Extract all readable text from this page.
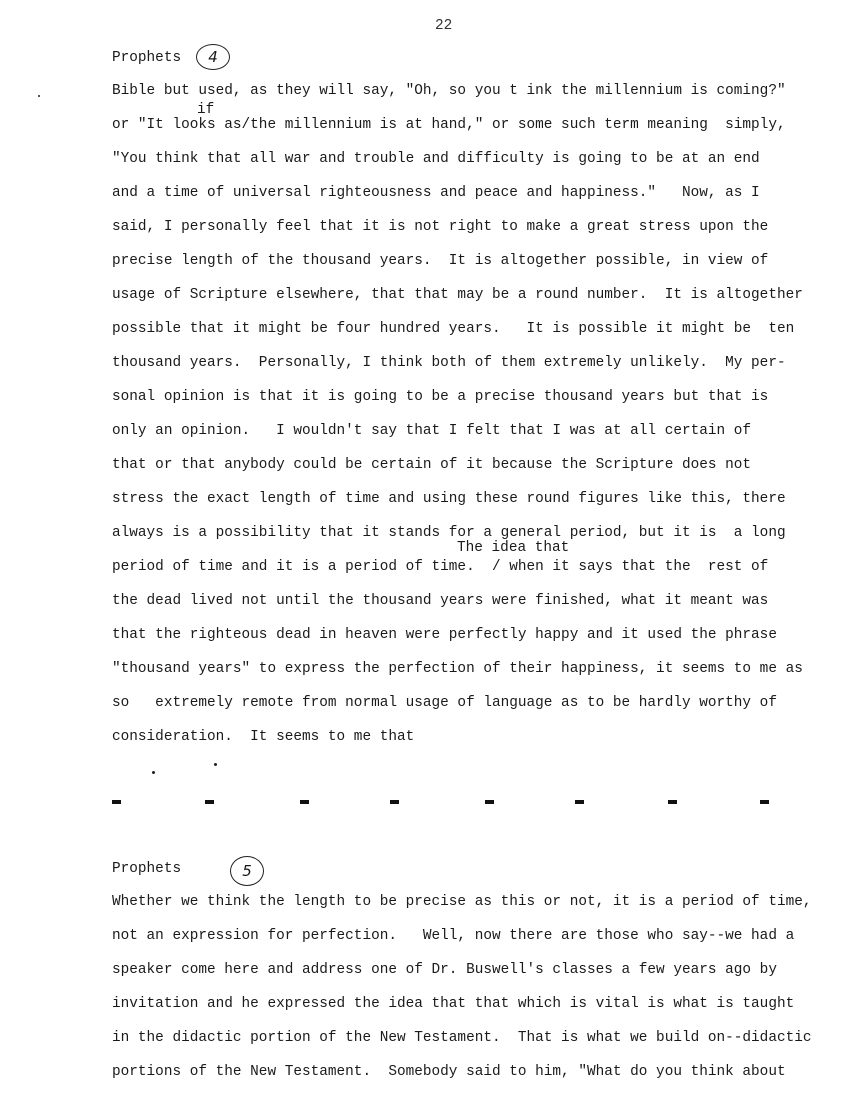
22
Prophets	4
if
The idea that
Bible but used, as they will say, "Oh, so you t ink the millennium is coming?"
or "It looks as/the millennium is at hand," or some such term meaning  simply,
"You think that all war and trouble and difficulty is going to be at an end
and a time of universal righteousness and peace and happiness."   Now, as I
said, I personally feel that it is not right to make a great stress upon the
precise length of the thousand years.  It is altogether possible, in view of
usage of Scripture elsewhere, that that may be a round number.  It is altogether
possible that it might be four hundred years.   It is possible it might be  ten
thousand years.  Personally, I think both of them extremely unlikely.  My per-
sonal opinion is that it is going to be a precise thousand years but that is
only an opinion.   I wouldn't say that I felt that I was at all certain of
that or that anybody could be certain of it because the Scripture does not
stress the exact length of time and using these round figures like this, there
always is a possibility that it stands for a general period, but it is  a long
period of time and it is a period of time.  / when it says that the  rest of
the dead lived not until the thousand years were finished, what it meant was
that the righteous dead in heaven were perfectly happy and it used the phrase
"thousand years" to express the perfection of their happiness, it seems to me as
so   extremely remote from normal usage of language as to be hardly worthy of
consideration.  It seems to me that
Prophets	5
Whether we think the length to be precise as this or not, it is a period of time,
not an expression for perfection.   Well, now there are those who say--we had a
speaker come here and address one of Dr. Buswell's classes a few years ago by
invitation and he expressed the idea that that which is vital is what is taught
in the didactic portion of the New Testament.  That is what we build on--didactic
portions of the New Testament.  Somebody said to him, "What do you think about
